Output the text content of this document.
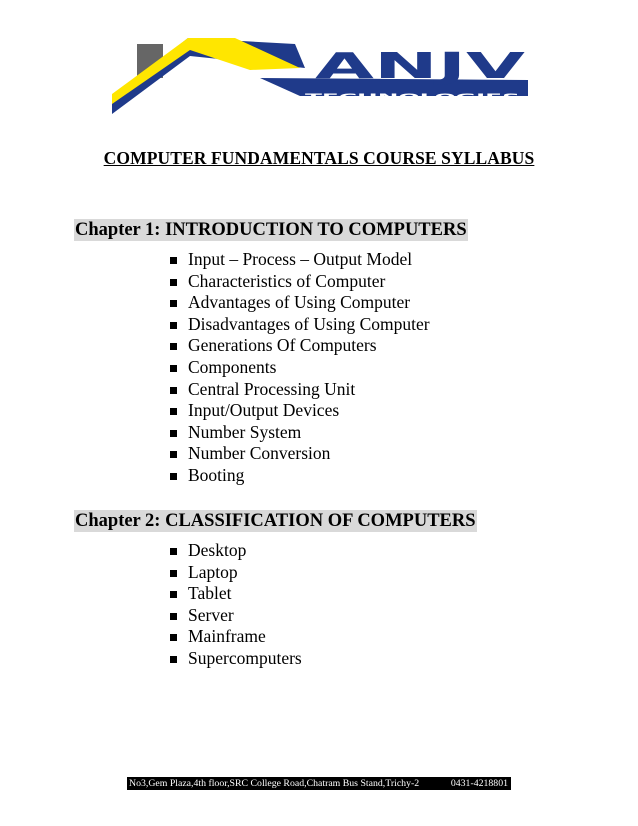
ANJV
TECHNOLOGIES
COMPUTER FUNDAMENTALS COURSE SYLLABUS
Chapter 1: INTRODUCTION TO COMPUTERS
Input – Process – Output Model
Characteristics of Computer
Advantages of Using Computer
Disadvantages of Using Computer
Generations Of Computers
Components
Central Processing Unit
Input/Output Devices
Number System
Number Conversion
Booting
Chapter 2: CLASSIFICATION OF COMPUTERS
Desktop
Laptop
Tablet
Server
Mainframe
Supercomputers
No3,Gem Plaza,4th floor,SRC College Road,Chatram Bus Stand,Trichy-2	0431-4218801
